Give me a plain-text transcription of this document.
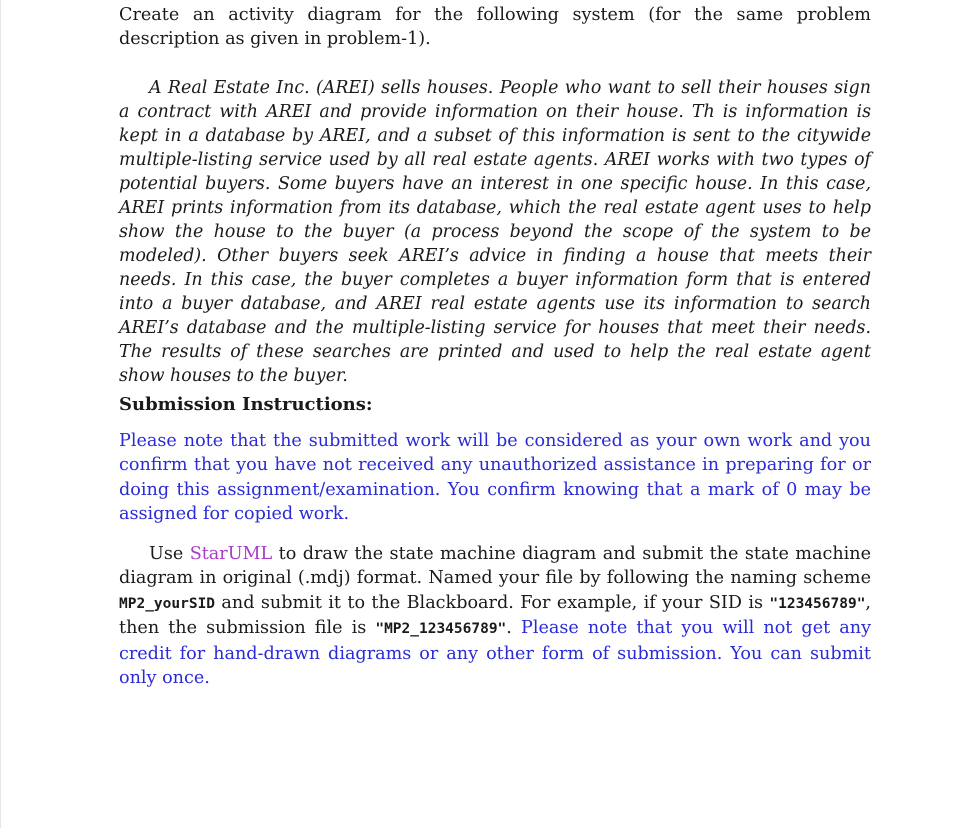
Create an activity diagram for the following system (for the same problem description as given in problem-1).

A Real Estate Inc. (AREI) sells houses. People who want to sell their houses sign a contract with AREI and provide information on their house. Th is information is kept in a database by AREI, and a subset of this information is sent to the citywide multiple-listing service used by all real estate agents. AREI works with two types of potential buyers. Some buyers have an interest in one specific house. In this case, AREI prints information from its database, which the real estate agent uses to help show the house to the buyer (a process beyond the scope of the system to be modeled). Other buyers seek AREI’s advice in finding a house that meets their needs. In this case, the buyer completes a buyer information form that is entered into a buyer database, and AREI real estate agents use its information to search AREI’s database and the multiple-listing service for houses that meet their needs. The results of these searches are printed and used to help the real estate agent show houses to the buyer.

Submission Instructions:

Please note that the submitted work will be considered as your own work and you confirm that you have not received any unauthorized assistance in preparing for or doing this assignment/examination. You confirm knowing that a mark of 0 may be assigned for copied work.

Use StarUML to draw the state machine diagram and submit the state machine diagram in original (.mdj) format. Named your file by following the naming scheme MP2_yourSID and submit it to the Blackboard. For example, if your SID is "123456789", then the submission file is "MP2_123456789". Please note that you will not get any credit for hand-drawn diagrams or any other form of submission. You can submit only once.
